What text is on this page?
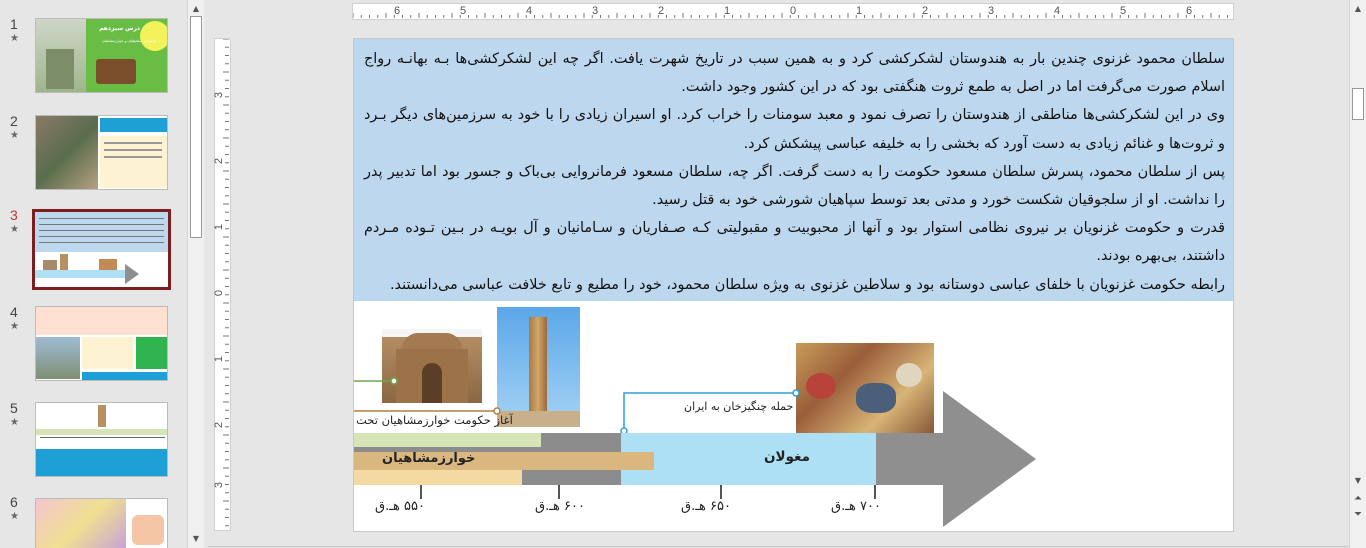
1
★
درس سیزدهم
غزنویان، سلجوقیان و خوارزمشاهیان
2
★
3
★
4
★
5
★
6
★
▲
▼
6	5	4	3	2	1	0	1	2	3	4	5	6
3
2
1
0
1
2
3

سلطان محمود غزنوی چندین بار به هندوستان لشکرکشی کرد و به همین سبب در تاریخ شهرت یافت. اگر چه این لشکرکشی‌ها بـه بهانـه رواج اسلام صورت می‌گرفت اما در اصل به طمع ثروت هنگفتی بود که در این کشور وجود داشت.

وی در این لشکرکشی‌ها مناطقی از هندوستان را تصرف نمود و معبد سومنات را خراب کرد. او اسیران زیادی را با خود به سرزمین‌های دیگر بـرد و ثروت‌ها و غنائم زیادی به دست آورد که بخشی را به خلیفه عباسی پیشکش کرد.

پس از سلطان محمود، پسرش سلطان مسعود حکومت را به دست گرفت. اگر چه، سلطان مسعود فرمانروایی بی‌باک و جسور بود اما تدبیر پدر را نداشت. او از سلجوقیان شکست خورد و مدتی بعد توسط سپاهیان شورشی خود به قتل رسید.

قدرت و حکومت غزنویان بر نیروی نظامی استوار بود و آنها از محبوبیت و مقبولیتی کـه صـفاریان و سـامانیان و آل بویـه در بـین تـوده مـردم داشتند، بی‌بهره بودند.

رابطه حکومت غزنویان با خلفای عباسی دوستانه بود و سلاطین غزنوی به ویژه سلطان محمود، خود را مطیع و تابع خلافت عباسی می‌دانستند.

آغاز حکومت خوارزمشاهیان تحت
حمله چنگیزخان به ایران
خوارزمشاهیان	مغولان
۵۵۰ هـ.ق	۶۰۰ هـ.ق	۶۵۰ هـ.ق	۷۰۰ هـ.ق
▲
▼
⏶
⏷
